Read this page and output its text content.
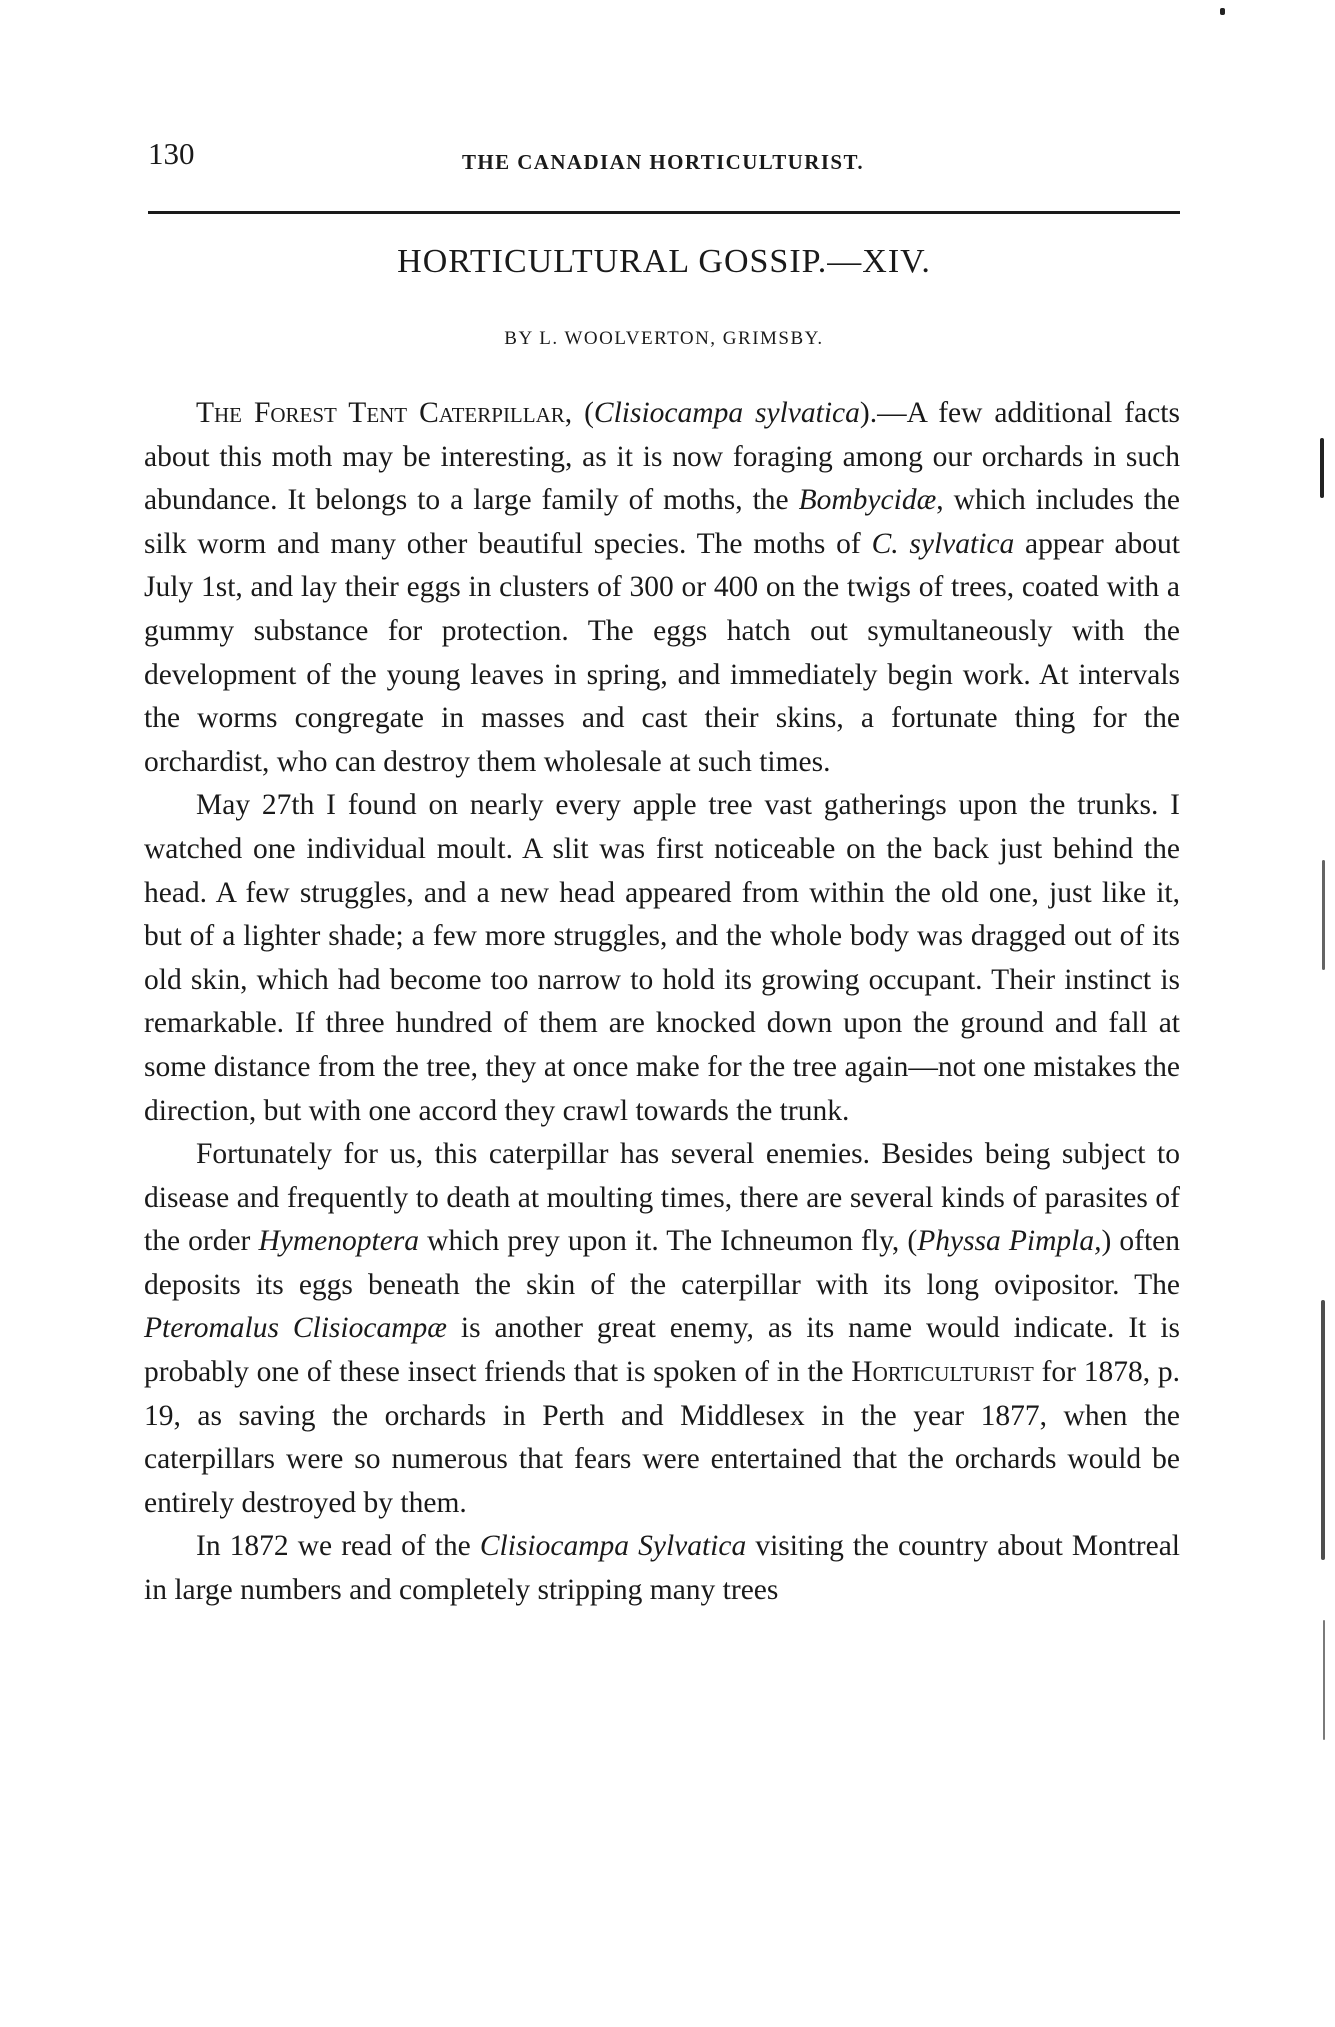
130	THE CANADIAN HORTICULTURIST.
HORTICULTURAL GOSSIP.—XIV.
BY L. WOOLVERTON, GRIMSBY.

The Forest Tent Caterpillar, (Clisiocampa sylvatica).—A few additional facts about this moth may be interesting, as it is now foraging among our orchards in such abundance. It belongs to a large family of moths, the Bombycidæ, which includes the silk worm and many other beautiful species. The moths of C. sylvatica appear about July 1st, and lay their eggs in clusters of 300 or 400 on the twigs of trees, coated with a gummy substance for protection. The eggs hatch out symultaneously with the development of the young leaves in spring, and immediately begin work. At intervals the worms congregate in masses and cast their skins, a fortunate thing for the orchardist, who can destroy them wholesale at such times.

May 27th I found on nearly every apple tree vast gatherings upon the trunks. I watched one individual moult. A slit was first noticeable on the back just behind the head. A few struggles, and a new head appeared from within the old one, just like it, but of a lighter shade; a few more struggles, and the whole body was dragged out of its old skin, which had become too narrow to hold its growing occupant. Their instinct is remarkable. If three hundred of them are knocked down upon the ground and fall at some distance from the tree, they at once make for the tree again—not one mistakes the direction, but with one accord they crawl towards the trunk.

Fortunately for us, this caterpillar has several enemies. Besides being subject to disease and frequently to death at moulting times, there are several kinds of parasites of the order Hymenoptera which prey upon it. The Ichneumon fly, (Physsa Pimpla,) often deposits its eggs beneath the skin of the caterpillar with its long ovipositor. The Pteromalus Clisiocampæ is another great enemy, as its name would indicate. It is probably one of these insect friends that is spoken of in the Horticulturist for 1878, p. 19, as saving the orchards in Perth and Middlesex in the year 1877, when the caterpillars were so numerous that fears were entertained that the orchards would be entirely destroyed by them.

In 1872 we read of the Clisiocampa Sylvatica visiting the country about Montreal in large numbers and completely stripping many trees
